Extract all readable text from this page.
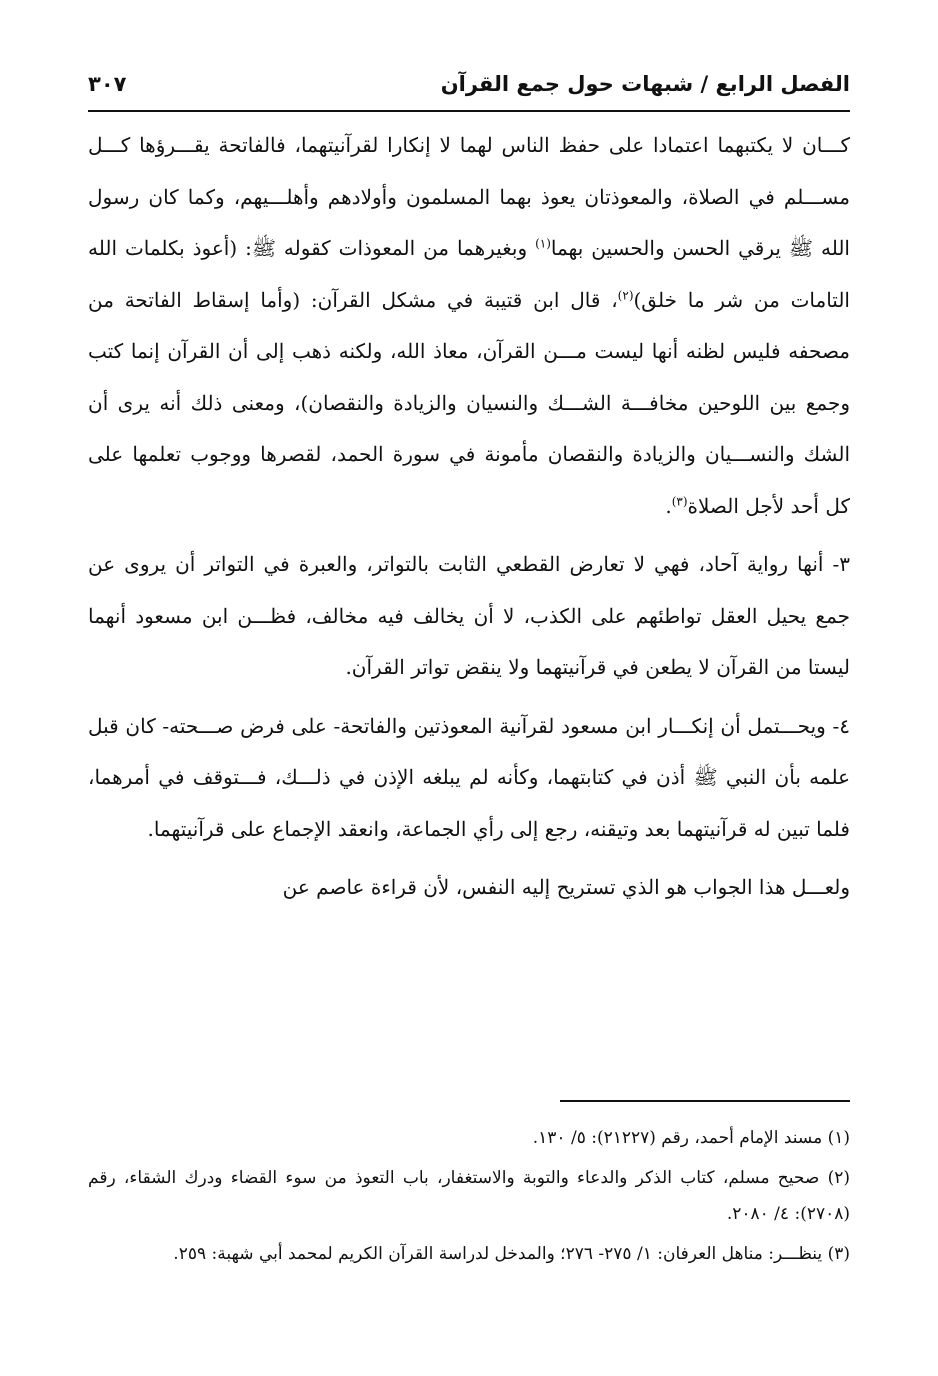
الفصل الرابع / شبهات حول جمع القرآن
٣٠٧

كـــان لا يكتبهما اعتمادا على حفظ الناس لهما لا إنكارا لقرآنيتهما، فالفاتحة يقـــرؤها كـــل مســـلم في الصلاة، والمعوذتان يعوذ بهما المسلمون وأولادهم وأهلـــيهم، وكما كان رسول الله ﷺ يرقي الحسن والحسين بهما$^{(١)}$ وبغيرهما من المعوذات كقوله ﷺ: (أعوذ بكلمات الله التامات من شر ما خلق)$^{(٢)}$، قال ابن قتيبة في مشكل القرآن: (وأما إسقاط الفاتحة من مصحفه فليس لظنه أنها ليست مـــن القرآن، معاذ الله، ولكنه ذهب إلى أن القرآن إنما كتب وجمع بين اللوحين مخافـــة الشـــك والنسيان والزيادة والنقصان)، ومعنى ذلك أنه يرى أن الشك والنســـيان والزيادة والنقصان مأمونة في سورة الحمد، لقصرها ووجوب تعلمها على كل أحد لأجل الصلاة$^{(٣)}$.

٣- أنها رواية آحاد، فهي لا تعارض القطعي الثابت بالتواتر، والعبرة في التواتر أن يروى عن جمع يحيل العقل تواطئهم على الكذب، لا أن يخالف فيه مخالف، فظـــن ابن مسعود أنهما ليستا من القرآن لا يطعن في قرآنيتهما ولا ينقض تواتر القرآن.

٤- ويحـــتمل أن إنكـــار ابن مسعود لقرآنية المعوذتين والفاتحة- على فرض صـــحته- كان قبل علمه بأن النبي ﷺ أذن في كتابتهما، وكأنه لم يبلغه الإذن في ذلـــك، فـــتوقف في أمرهما، فلما تبين له قرآنيتهما بعد وتيقنه، رجع إلى رأي الجماعة، وانعقد الإجماع على قرآنيتهما.

ولعـــل هذا الجواب هو الذي تستريح إليه النفس، لأن قراءة عاصم عن

(١) مسند الإمام أحمد، رقم (٢١٢٢٧): ٥/ ١٣٠.

(٢) صحيح مسلم، كتاب الذكر والدعاء والتوبة والاستغفار، باب التعوذ من سوء القضاء ودرك الشقاء، رقم (٢٧٠٨): ٤/ ٢٠٨٠.

(٣) ينظـــر: مناهل العرفان: ١/ ٢٧٥- ٢٧٦؛ والمدخل لدراسة القرآن الكريم لمحمد أبي شهبة: ٢٥٩.
